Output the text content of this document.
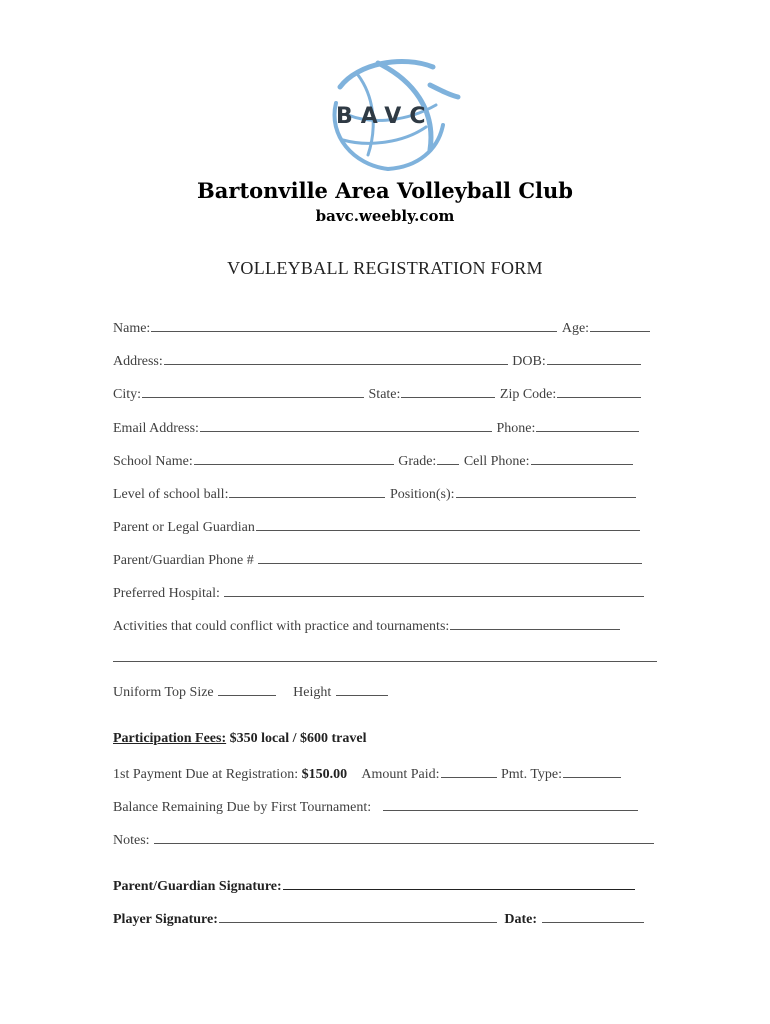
BAVC
Bartonville Area Volleyball Club
bavc.weebly.com
VOLLEYBALL REGISTRATION FORM
Name:	Age:
Address:	DOB:
City:	State:	Zip Code:
Email Address:	Phone:
School Name:	Grade: Cell Phone:
Level of school ball:	Position(s):
Parent or Legal Guardian
Parent/Guardian Phone #
Preferred Hospital:
Activities that could conflict with practice and tournaments:
Uniform Top Size	Height
Participation Fees: $350 local / $600 travel
1st Payment Due at Registration: $150.00 Amount Paid:	Pmt. Type:
Balance Remaining Due by First Tournament:
Notes:
Parent/Guardian Signature:
Player Signature:	Date:
